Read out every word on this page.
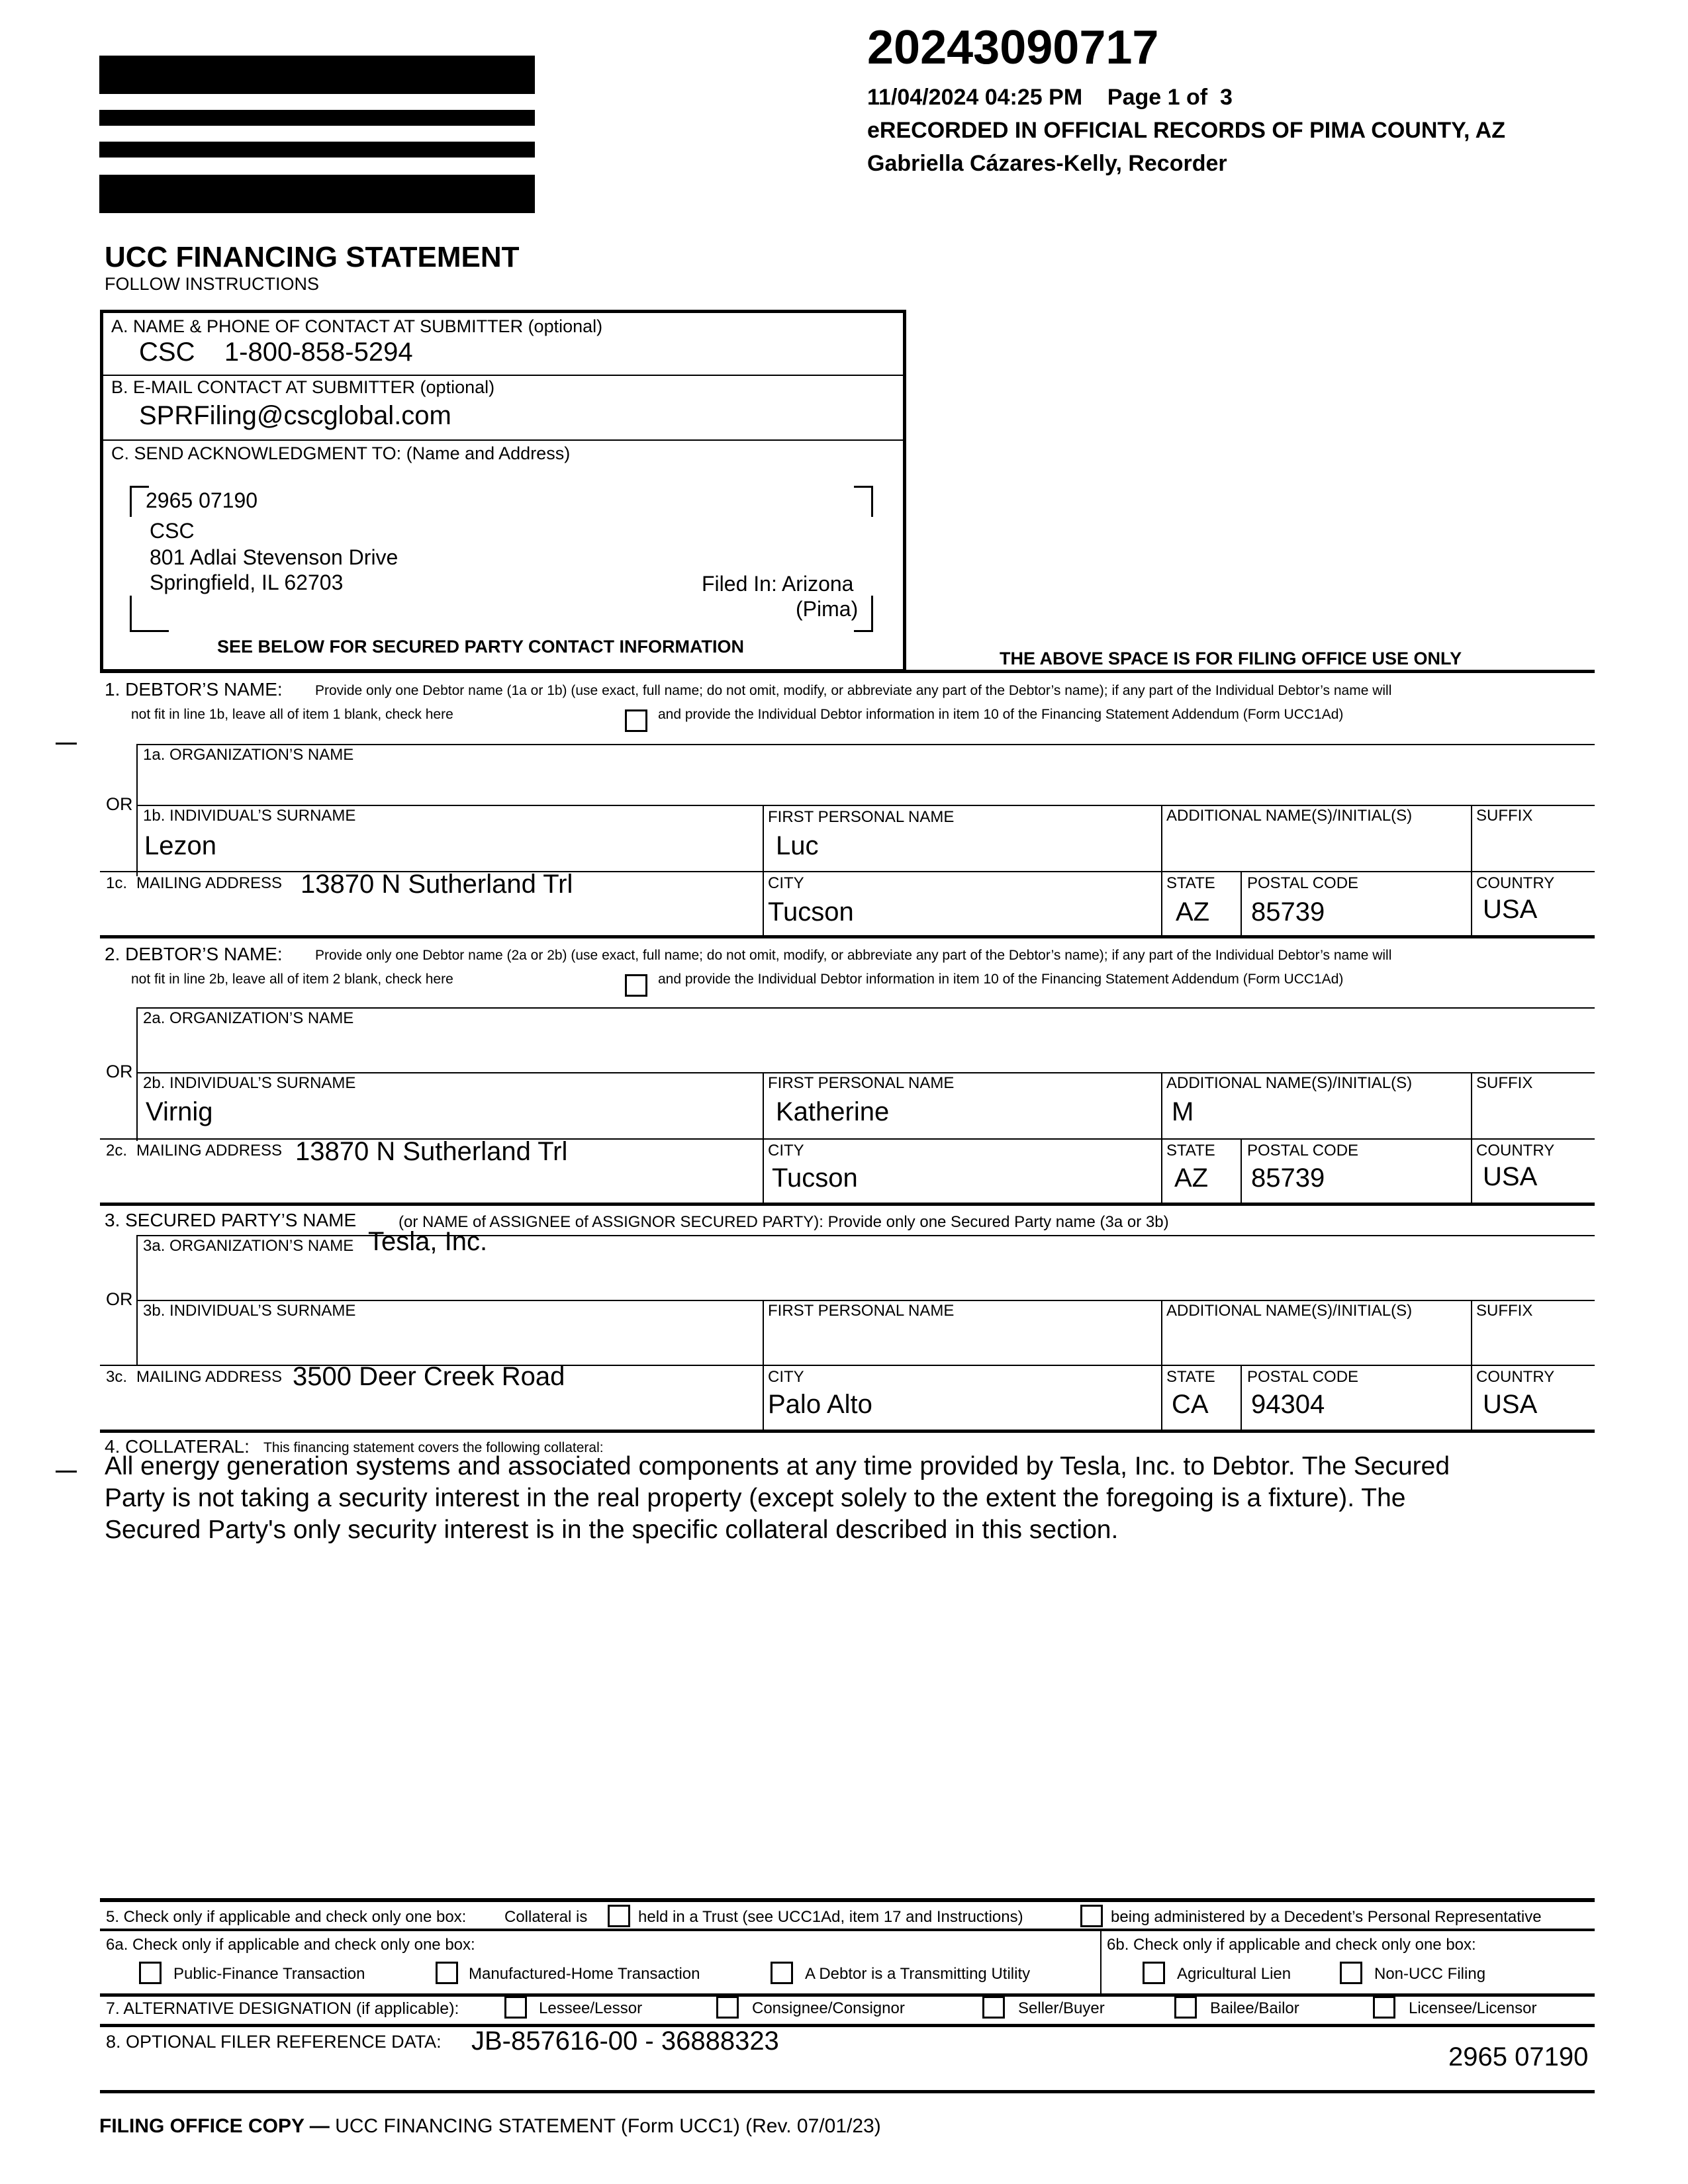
20243090717
11/04/2024 04:25 PM    Page 1 of  3
eRECORDED IN OFFICIAL RECORDS OF PIMA COUNTY, AZ
Gabriella Cázares-Kelly, Recorder
UCC FINANCING STATEMENT
FOLLOW INSTRUCTIONS
A. NAME & PHONE OF CONTACT AT SUBMITTER (optional)
CSC    1-800-858-5294
B. E-MAIL CONTACT AT SUBMITTER (optional)
SPRFiling@cscglobal.com
C. SEND ACKNOWLEDGMENT TO: (Name and Address)
2965 07190
CSC
801 Adlai Stevenson Drive
Springfield, IL 62703	Filed In: Arizona
(Pima)
SEE BELOW FOR SECURED PARTY CONTACT INFORMATION
THE ABOVE SPACE IS FOR FILING OFFICE USE ONLY
1. DEBTOR’S NAME: Provide only one Debtor name (1a or 1b) (use exact, full name; do not omit, modify, or abbreviate any part of the Debtor’s name); if any part of the Individual Debtor’s name will
not fit in line 1b, leave all of item 1 blank, check here	and provide the Individual Debtor information in item 10 of the Financing Statement Addendum (Form UCC1Ad)
1a. ORGANIZATION’S NAME
OR
1b. INDIVIDUAL’S SURNAME
Lezon
FIRST PERSONAL NAME
Luc
ADDITIONAL NAME(S)/INITIAL(S)	SUFFIX
1c. MAILING ADDRESS 13870 N Sutherland Trl	CITY
Tucson
STATE
AZ
POSTAL CODE
85739
COUNTRY
USA
2. DEBTOR’S NAME: Provide only one Debtor name (2a or 2b) (use exact, full name; do not omit, modify, or abbreviate any part of the Debtor’s name); if any part of the Individual Debtor’s name will
not fit in line 2b, leave all of item 2 blank, check here	and provide the Individual Debtor information in item 10 of the Financing Statement Addendum (Form UCC1Ad)
2a. ORGANIZATION’S NAME
OR
2b. INDIVIDUAL’S SURNAME
Virnig
FIRST PERSONAL NAME
Katherine
ADDITIONAL NAME(S)/INITIAL(S)
M
SUFFIX
2c. MAILING ADDRESS 13870 N Sutherland Trl	CITY
Tucson
STATE
AZ
POSTAL CODE
85739
COUNTRY
USA
3. SECURED PARTY’S NAME	(or NAME of ASSIGNEE of ASSIGNOR SECURED PARTY): Provide only one Secured Party name (3a or 3b)
3a. ORGANIZATION’S NAME Tesla, Inc.
OR
3b. INDIVIDUAL’S SURNAME	FIRST PERSONAL NAME	ADDITIONAL NAME(S)/INITIAL(S)	SUFFIX
3c. MAILING ADDRESS 3500 Deer Creek Road	CITY
Palo Alto
STATE
CA
POSTAL CODE
94304
COUNTRY
USA
4. COLLATERAL: This financing statement covers the following collateral:
All energy generation systems and associated components at any time provided by Tesla, Inc. to Debtor. The Secured
Party is not taking a security interest in the real property (except solely to the extent the foregoing is a fixture). The
Secured Party's only security interest is in the specific collateral described in this section.
5. Check only if applicable and check only one box: Collateral is	held in a Trust (see UCC1Ad, item 17 and Instructions)	being administered by a Decedent’s Personal Representative
6a. Check only if applicable and check only one box:	6b. Check only if applicable and check only one box:
Public-Finance Transaction	Manufactured-Home Transaction	A Debtor is a Transmitting Utility	Agricultural Lien	Non-UCC Filing
7. ALTERNATIVE DESIGNATION (if applicable):	Lessee/Lessor	Consignee/Consignor	Seller/Buyer	Bailee/Bailor	Licensee/Licensor
8. OPTIONAL FILER REFERENCE DATA: JB-857616-00 - 36888323
2965 07190
FILING OFFICE COPY — UCC FINANCING STATEMENT (Form UCC1) (Rev. 07/01/23)
